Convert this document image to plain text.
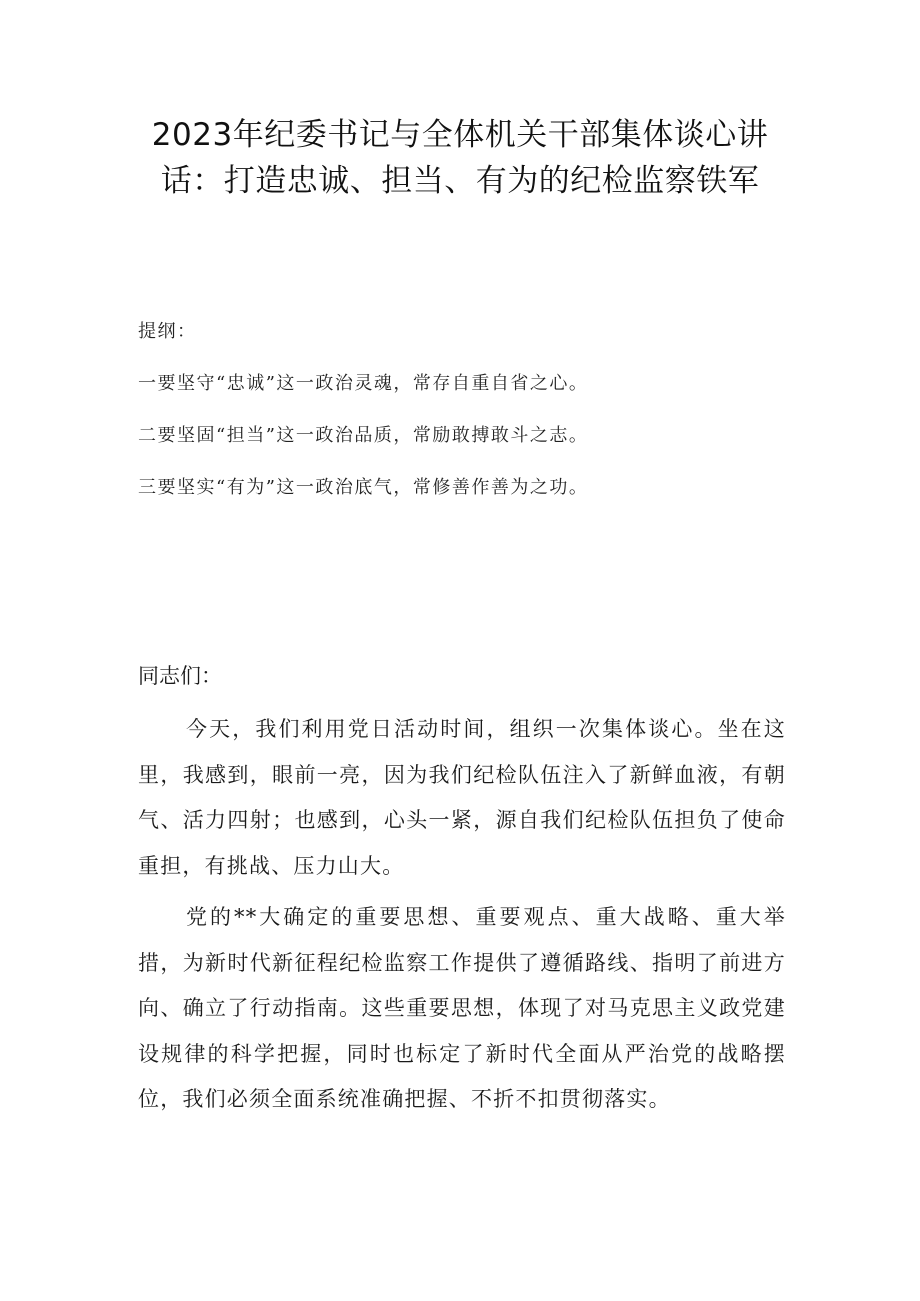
2023年纪委书记与全体机关干部集体谈心讲话：打造忠诚、担当、有为的纪检监察铁军
提纲：
一要坚守“忠诚”这一政治灵魂，常存自重自省之心。
二要坚固“担当”这一政治品质，常励敢搏敢斗之志。
三要坚实“有为”这一政治底气，常修善作善为之功。
同志们：

今天，我们利用党日活动时间，组织一次集体谈心。坐在这里，我感到，眼前一亮，因为我们纪检队伍注入了新鲜血液，有朝气、活力四射；也感到，心头一紧，源自我们纪检队伍担负了使命重担，有挑战、压力山大。

党的**大确定的重要思想、重要观点、重大战略、重大举措，为新时代新征程纪检监察工作提供了遵循路线、指明了前进方向、确立了行动指南。这些重要思想，体现了对马克思主义政党建设规律的科学把握，同时也标定了新时代全面从严治党的战略摆位，我们必须全面系统准确把握、不折不扣贯彻落实。
